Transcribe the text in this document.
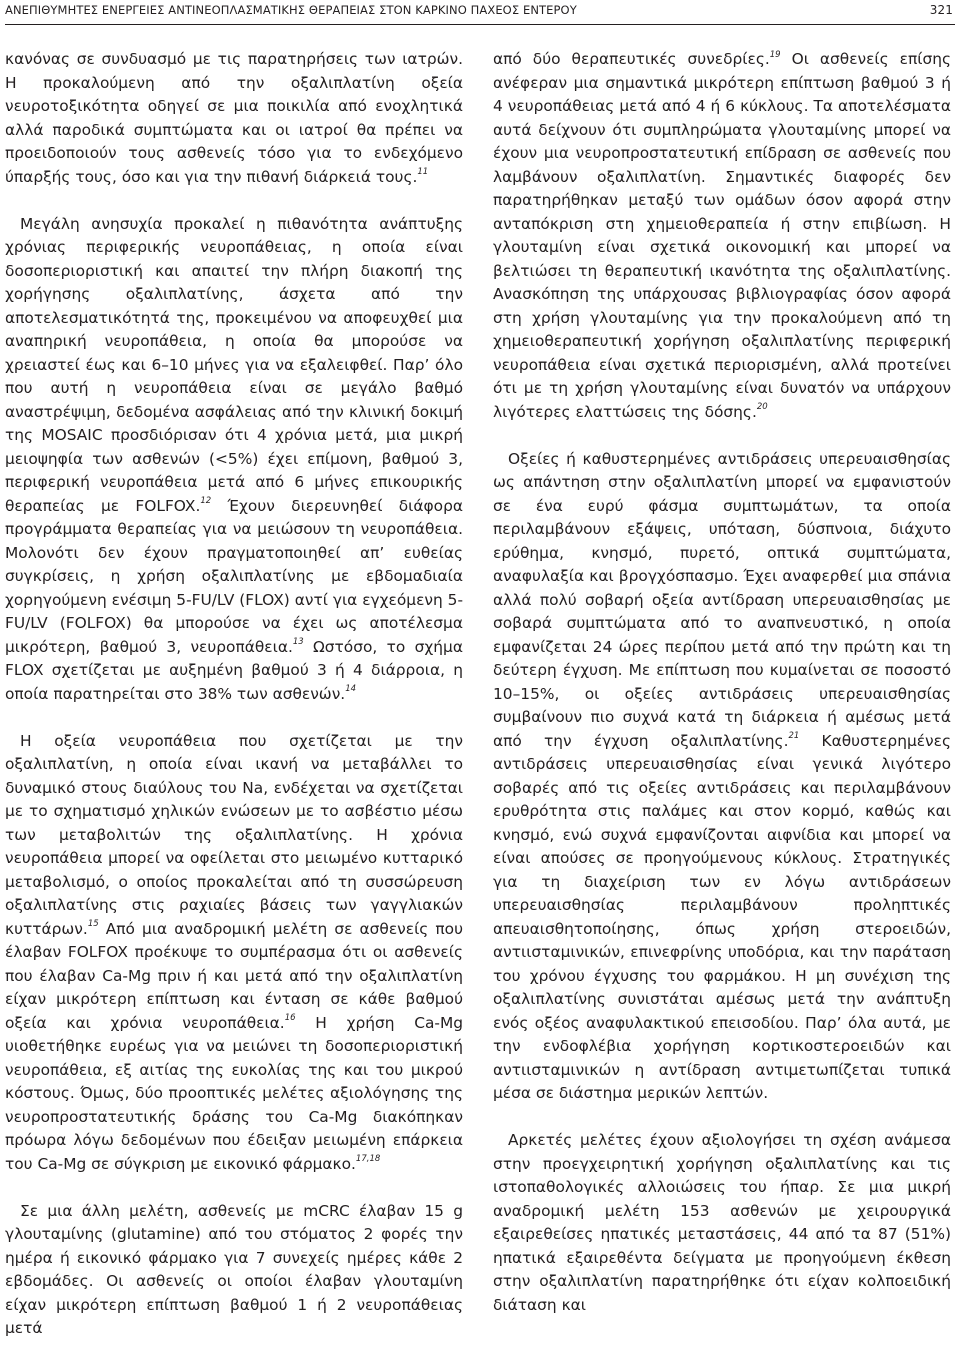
ΑΝΕΠΙΘΥΜΗΤΕΣ ΕΝΕΡΓΕΙΕΣ ΑΝΤΙΝΕΟΠΛΑΣΜΑΤΙΚΗΣ ΘΕΡΑΠΕΙΑΣ ΣΤΟΝ ΚΑΡΚΙΝΟ ΠΑΧΕΟΣ ΕΝΤΕΡΟΥ	321

κανόνας σε συνδυασμό με τις παρατηρήσεις των ιατρών. Η προκαλούμενη από την οξαλιπλατίνη οξεία νευροτοξικότητα οδηγεί σε μια ποικιλία από ενοχλητικά αλλά παροδικά συμπτώματα και οι ιατροί θα πρέπει να προειδοποιούν τους ασθενείς τόσο για το ενδεχόμενο ύπαρξής τους, όσο και για την πιθανή διάρκειά τους.$^{11}$

Μεγάλη ανησυχία προκαλεί η πιθανότητα ανάπτυξης χρόνιας περιφερικής νευροπάθειας, η οποία είναι δοσοπεριοριστική και απαιτεί την πλήρη διακοπή της χορήγησης οξαλιπλατίνης, άσχετα από την αποτελεσματικότητά της, προκειμένου να αποφευχθεί μια αναπηρική νευροπάθεια, η οποία θα μπορούσε να χρειαστεί έως και 6–10 μήνες για να εξαλειφθεί. Παρ’ όλο που αυτή η νευροπάθεια είναι σε μεγάλο βαθμό αναστρέψιμη, δεδομένα ασφάλειας από την κλινική δοκιμή της MOSAIC προσδιόρισαν ότι 4 χρόνια μετά, μια μικρή μειοψηφία των ασθενών (<5%) έχει επίμονη, βαθμού 3, περιφερική νευροπάθεια μετά από 6 μήνες επικουρικής θεραπείας με FOLFOX.$^{12}$ Έχουν διερευνηθεί διάφορα προγράμματα θεραπείας για να μειώσουν τη νευροπάθεια. Μολονότι δεν έχουν πραγματοποιηθεί απ’ ευθείας συγκρίσεις, η χρήση οξαλιπλατίνης με εβδομαδιαία χορηγούμενη ενέσιμη 5-FU/LV (FLOX) αντί για εγχεόμενη 5-FU/LV (FOLFOX) θα μπορούσε να έχει ως αποτέλεσμα μικρότερη, βαθμού 3, νευροπάθεια.$^{13}$ Ωστόσο, το σχήμα FLOX σχετίζεται με αυξημένη βαθμού 3 ή 4 διάρροια, η οποία παρατηρείται στο 38% των ασθενών.$^{14}$

Η οξεία νευροπάθεια που σχετίζεται με την οξαλιπλατίνη, η οποία είναι ικανή να μεταβάλλει το δυναμικό στους διαύλους του Na, ενδέχεται να σχετίζεται με το σχηματισμό χηλικών ενώσεων με το ασβέστιο μέσω των μεταβολιτών της οξαλιπλατίνης. Η χρόνια νευροπάθεια μπορεί να οφείλεται στο μειωμένο κυτταρικό μεταβολισμό, ο οποίος προκαλείται από τη συσσώρευση οξαλιπλατίνης στις ραχιαίες βάσεις των γαγγλιακών κυττάρων.$^{15}$ Από μια αναδρομική μελέτη σε ασθενείς που έλαβαν FOLFOX προέκυψε το συμπέρασμα ότι οι ασθενείς που έλαβαν Ca-Mg πριν ή και μετά από την οξαλιπλατίνη είχαν μικρότερη επίπτωση και ένταση σε κάθε βαθμού οξεία και χρόνια νευροπάθεια.$^{16}$ Η χρήση Ca-Mg υιοθετήθηκε ευρέως για να μειώνει τη δοσοπεριοριστική νευροπάθεια, εξ αιτίας της ευκολίας της και του μικρού κόστους. Όμως, δύο προοπτικές μελέτες αξιολόγησης της νευροπροστατευτικής δράσης του Ca-Mg διακόπηκαν πρόωρα λόγω δεδομένων που έδειξαν μειωμένη επάρκεια του Ca-Mg σε σύγκριση με εικονικό φάρμακο.$^{17,18}$

Σε μια άλλη μελέτη, ασθενείς με mCRC έλαβαν 15 g γλουταμίνης (glutamine) από του στόματος 2 φορές την ημέρα ή εικονικό φάρμακο για 7 συνεχείς ημέρες κάθε 2 εβδομάδες. Οι ασθενείς οι οποίοι έλαβαν γλουταμίνη είχαν μικρότερη επίπτωση βαθμού 1 ή 2 νευροπάθειας μετά

από δύο θεραπευτικές συνεδρίες.$^{19}$ Οι ασθενείς επίσης ανέφεραν μια σημαντικά μικρότερη επίπτωση βαθμού 3 ή 4 νευροπάθειας μετά από 4 ή 6 κύκλους. Τα αποτελέσματα αυτά δείχνουν ότι συμπληρώματα γλουταμίνης μπορεί να έχουν μια νευροπροστατευτική επίδραση σε ασθενείς που λαμβάνουν οξαλιπλατίνη. Σημαντικές διαφορές δεν παρατηρήθηκαν μεταξύ των ομάδων όσον αφορά στην ανταπόκριση στη χημειοθεραπεία ή στην επιβίωση. Η γλουταμίνη είναι σχετικά οικονομική και μπορεί να βελτιώσει τη θεραπευτική ικανότητα της οξαλιπλατίνης. Ανασκόπηση της υπάρχουσας βιβλιογραφίας όσον αφορά στη χρήση γλουταμίνης για την προκαλούμενη από τη χημειοθεραπευτική χορήγηση οξαλιπλατίνης περιφερική νευροπάθεια είναι σχετικά περιορισμένη, αλλά προτείνει ότι με τη χρήση γλουταμίνης είναι δυνατόν να υπάρχουν λιγότερες ελαττώσεις της δόσης.$^{20}$

Οξείες ή καθυστερημένες αντιδράσεις υπερευαισθησίας ως απάντηση στην οξαλιπλατίνη μπορεί να εμφανιστούν σε ένα ευρύ φάσμα συμπτωμάτων, τα οποία περιλαμβάνουν εξάψεις, υπόταση, δύσπνοια, διάχυτο ερύθημα, κνησμό, πυρετό, οπτικά συμπτώματα, αναφυλαξία και βρογχόσπασμο. Έχει αναφερθεί μια σπάνια αλλά πολύ σοβαρή οξεία αντίδραση υπερευαισθησίας με σοβαρά συμπτώματα από το αναπνευστικό, η οποία εμφανίζεται 24 ώρες περίπου μετά από την πρώτη και τη δεύτερη έγχυση. Με επίπτωση που κυμαίνεται σε ποσοστό 10–15%, οι οξείες αντιδράσεις υπερευαισθησίας συμβαίνουν πιο συχνά κατά τη διάρκεια ή αμέσως μετά από την έγχυση οξαλιπλατίνης.$^{21}$ Καθυστερημένες αντιδράσεις υπερευαισθησίας είναι γενικά λιγότερο σοβαρές από τις οξείες αντιδράσεις και περιλαμβάνουν ερυθρότητα στις παλάμες και στον κορμό, καθώς και κνησμό, ενώ συχνά εμφανίζονται αιφνίδια και μπορεί να είναι απούσες σε προηγούμενους κύκλους. Στρατηγικές για τη διαχείριση των εν λόγω αντιδράσεων υπερευαισθησίας περιλαμβάνουν προληπτικές απευαισθητοποίησης, όπως χρήση στεροειδών, αντιισταμινικών, επινεφρίνης υποδόρια, και την παράταση του χρόνου έγχυσης του φαρμάκου. Η μη συνέχιση της οξαλιπλατίνης συνιστάται αμέσως μετά την ανάπτυξη ενός οξέος αναφυλακτικού επεισοδίου. Παρ’ όλα αυτά, με την ενδοφλέβια χορήγηση κορτικοστεροειδών και αντιισταμινικών η αντίδραση αντιμετωπίζεται τυπικά μέσα σε διάστημα μερικών λεπτών.

Αρκετές μελέτες έχουν αξιολογήσει τη σχέση ανάμεσα στην προεγχειρητική χορήγηση οξαλιπλατίνης και τις ιστοπαθολογικές αλλοιώσεις του ήπαρ. Σε μια μικρή αναδρομική μελέτη 153 ασθενών με χειρουργικά εξαιρεθείσες ηπατικές μεταστάσεις, 44 από τα 87 (51%) ηπατικά εξαιρεθέντα δείγματα με προηγούμενη έκθεση στην οξαλιπλατίνη παρατηρήθηκε ότι είχαν κολποειδική διάταση και
